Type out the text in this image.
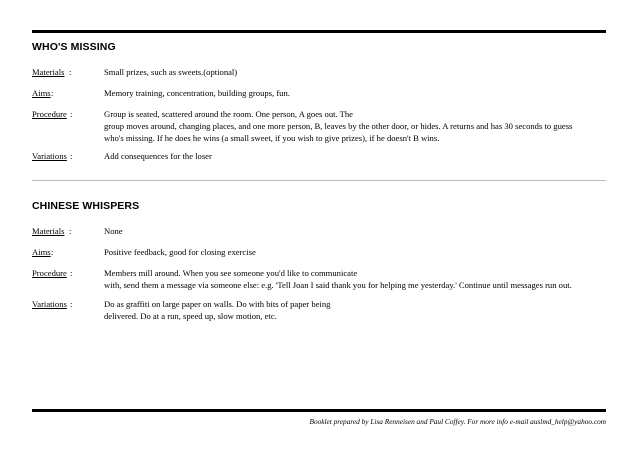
WHO'S MISSING
Materials :	Small prizes, such as sweets.(optional)
Aims :	Memory training, concentration, building groups, fun.
Procedure :	Group is seated, scattered around the room. One person, A goes out. The
group moves around, changing places, and one more person, B, leaves by the other door, or hides. A returns and has 30 seconds to guess
who's missing. If he does he wins (a small sweet, if you wish to give prizes), if he doesn't B wins.
Variations :	Add consequences for the loser
CHINESE WHISPERS
Materials :	None
Aims :	Positive feedback, good for closing exercise
Procedure :	Members mill around. When you see someone you'd like to communicate
with, send them a message via someone else: e.g. 'Tell Joan I said thank you for helping me yesterday.' Continue until messages run out.
Variations :	Do as graffiti on large paper on walls. Do with bits of paper being
delivered. Do at a run, speed up, slow motion, etc.
Booklet prepared by Lisa Renneisen and Paul Coffey. For more info e-mail auslmd_help@yahoo.com
